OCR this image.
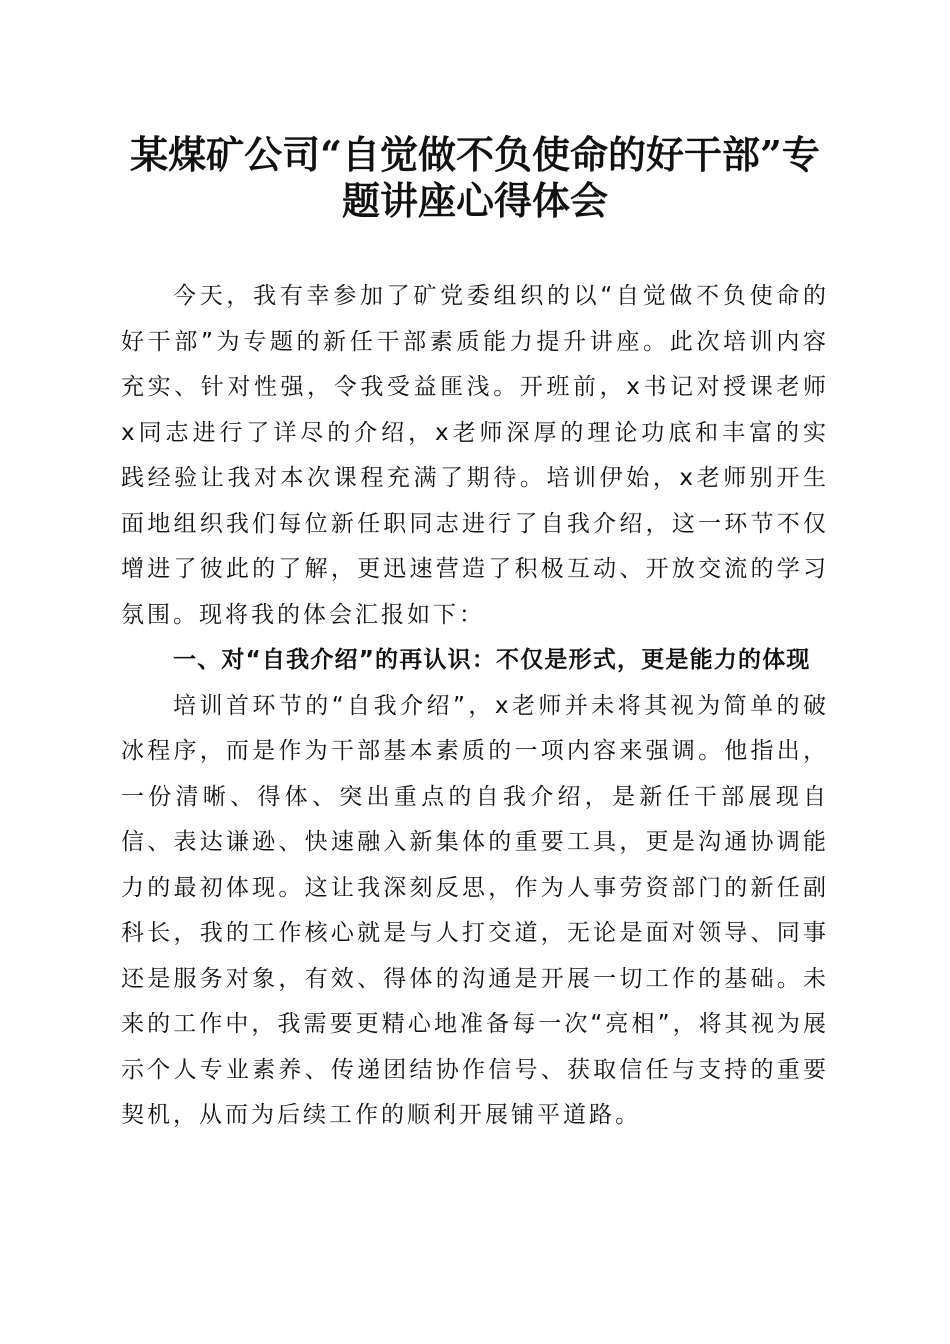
某煤矿公司“自觉做不负使命的好干部”专题讲座心得体会

今天，我有幸参加了矿党委组织的以“自觉做不负使命的好干部”为专题的新任干部素质能力提升讲座。此次培训内容充实、针对性强，令我受益匪浅。开班前，x书记对授课老师x同志进行了详尽的介绍，x老师深厚的理论功底和丰富的实践经验让我对本次课程充满了期待。培训伊始，x老师别开生面地组织我们每位新任职同志进行了自我介绍，这一环节不仅增进了彼此的了解，更迅速营造了积极互动、开放交流的学习氛围。现将我的体会汇报如下：

一、对“自我介绍”的再认识：不仅是形式，更是能力的体现

培训首环节的“自我介绍”，x老师并未将其视为简单的破冰程序，而是作为干部基本素质的一项内容来强调。他指出，一份清晰、得体、突出重点的自我介绍，是新任干部展现自信、表达谦逊、快速融入新集体的重要工具，更是沟通协调能力的最初体现。这让我深刻反思，作为人事劳资部门的新任副科长，我的工作核心就是与人打交道，无论是面对领导、同事还是服务对象，有效、得体的沟通是开展一切工作的基础。未来的工作中，我需要更精心地准备每一次“亮相”，将其视为展示个人专业素养、传递团结协作信号、获取信任与支持的重要契机，从而为后续工作的顺利开展铺平道路。
